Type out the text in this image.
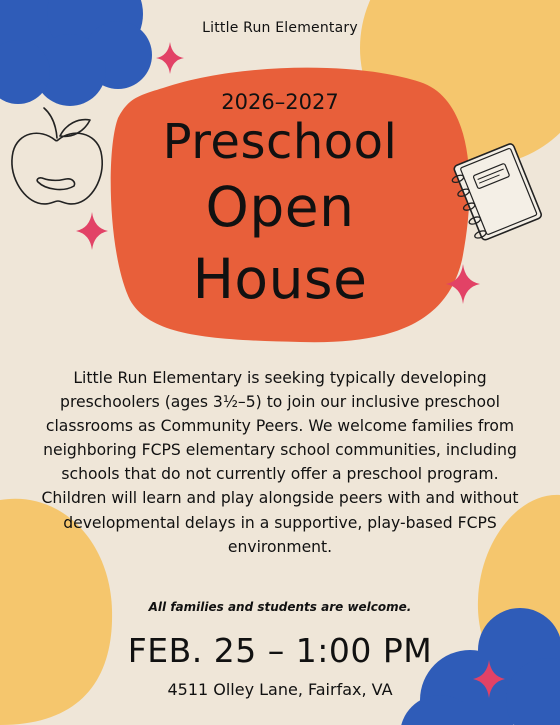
Little Run Elementary

2026–2027

Preschool

Open

House

Little Run Elementary is seeking typically developing preschoolers (ages 3½–5) to join our inclusive preschool classrooms as Community Peers. We welcome families from neighboring FCPS elementary school communities, including schools that do not currently offer a preschool program. Children will learn and play alongside peers with and without developmental delays in a supportive, play-based FCPS environment.

All families and students are welcome.

FEB. 25 – 1:00 PM

4511 Olley Lane, Fairfax, VA
